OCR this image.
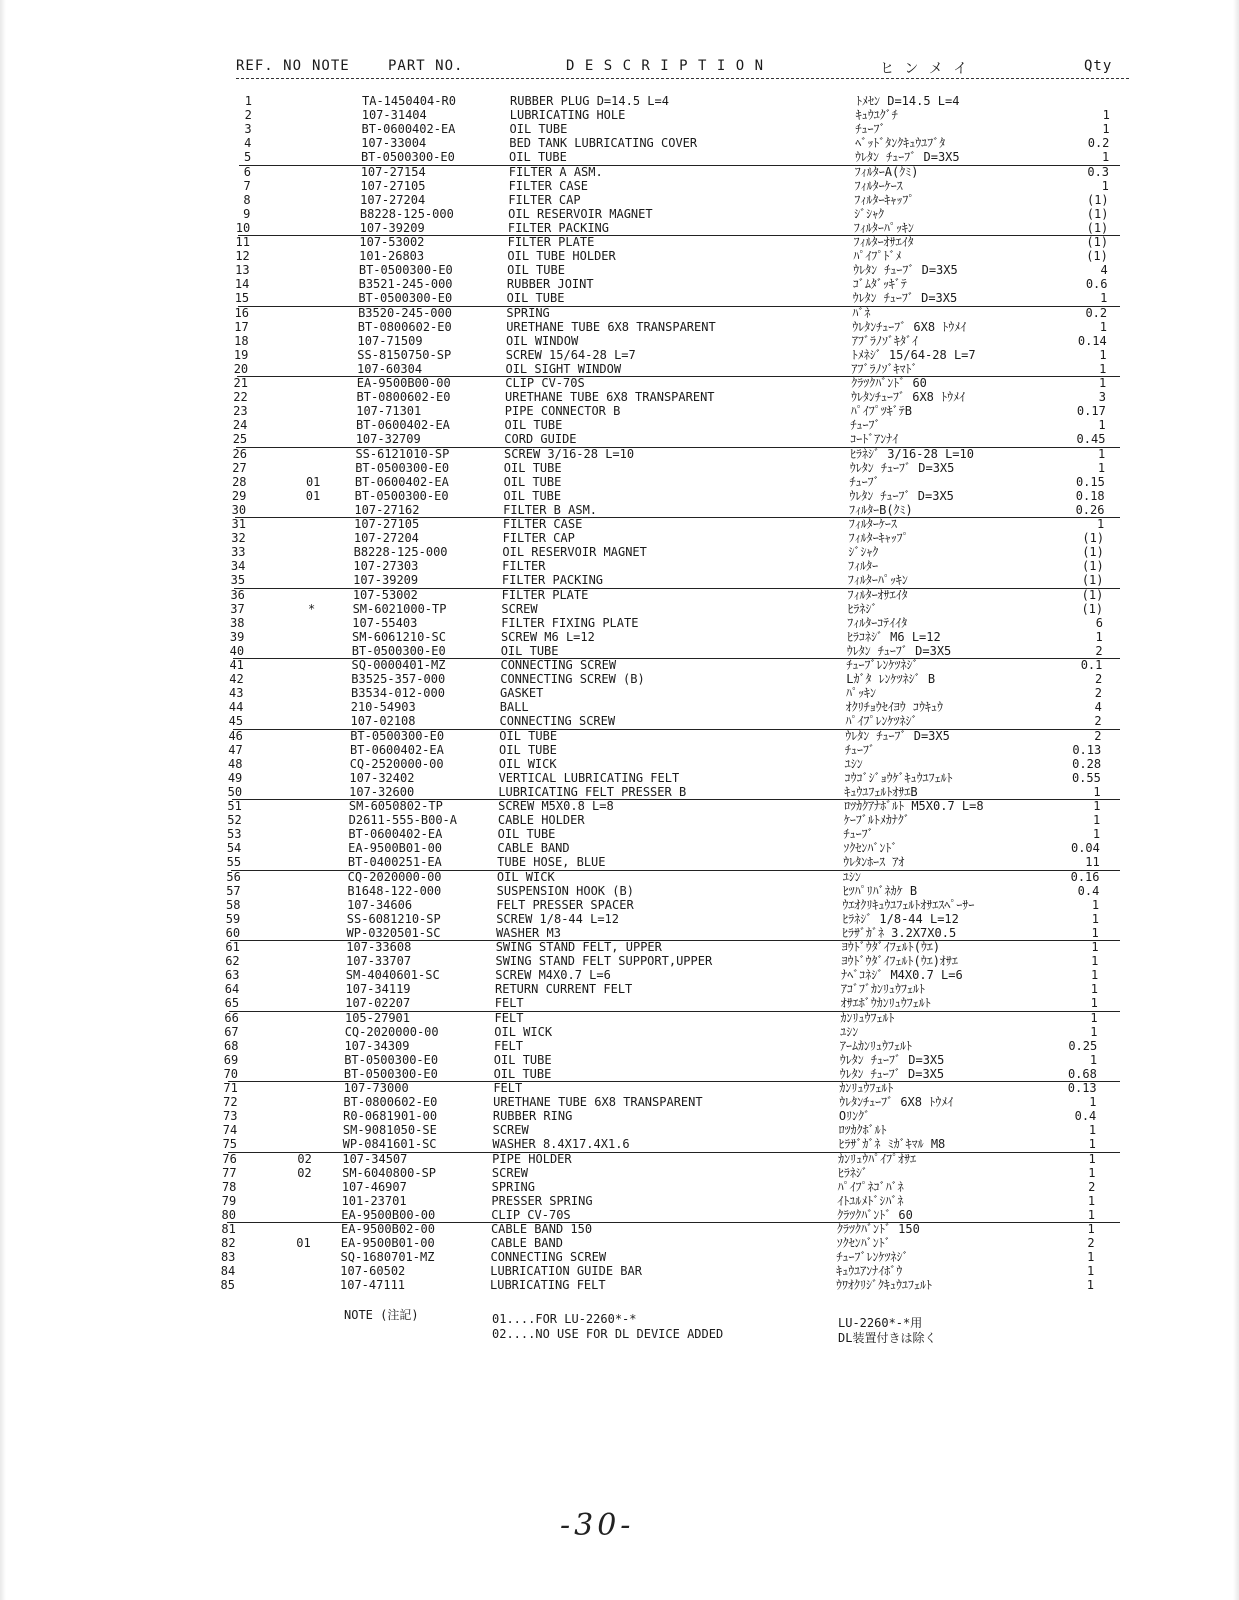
REF. NO NOTE	PART NO.	D E S C R I P T I O N	ヒ ン メ イ	Qty
1	TA-1450404-R0	RUBBER PLUG D=14.5 L=4	ﾄﾒｾﾝ D=14.5 L=4
2	107-31404	LUBRICATING HOLE	ｷｭｳﾕｸﾞﾁ	1
3	BT-0600402-EA	OIL TUBE	ﾁｭｰﾌﾞ	1
4	107-33004	BED TANK LUBRICATING COVER	ﾍﾞｯﾄﾞﾀﾝｸｷｭｳﾕﾌﾞﾀ	0.2
5	BT-0500300-E0	OIL TUBE	ｳﾚﾀﾝ ﾁｭｰﾌﾞ D=3X5	1
6	107-27154	FILTER A ASM.	ﾌｨﾙﾀｰA(ｸﾐ)	0.3
7	107-27105	FILTER CASE	ﾌｨﾙﾀｰｹｰｽ	1
8	107-27204	FILTER CAP	ﾌｨﾙﾀｰｷｬｯﾌﾟ	(1)
9	B8228-125-000	OIL RESERVOIR MAGNET	ｼﾞｼｬｸ	(1)
10	107-39209	FILTER PACKING	ﾌｨﾙﾀｰﾊﾟｯｷﾝ	(1)
11	107-53002	FILTER PLATE	ﾌｨﾙﾀｰｵｻｴｲﾀ	(1)
12	101-26803	OIL TUBE HOLDER	ﾊﾟｲﾌﾟﾄﾞﾒ	(1)
13	BT-0500300-E0	OIL TUBE	ｳﾚﾀﾝ ﾁｭｰﾌﾞ D=3X5	4
14	B3521-245-000	RUBBER JOINT	ｺﾞﾑﾀﾞｯｷﾞﾃ	0.6
15	BT-0500300-E0	OIL TUBE	ｳﾚﾀﾝ ﾁｭｰﾌﾞ D=3X5	1
16	B3520-245-000	SPRING	ﾊﾞﾈ	0.2
17	BT-0800602-E0	URETHANE TUBE 6X8 TRANSPARENT	ｳﾚﾀﾝﾁｭｰﾌﾞ 6X8 ﾄｳﾒｲ	1
18	107-71509	OIL WINDOW	ｱﾌﾞﾗﾉｿﾞｷﾀﾞｲ	0.14
19	SS-8150750-SP	SCREW 15/64-28 L=7	ﾄﾒﾈｼﾞ 15/64-28 L=7	1
20	107-60304	OIL SIGHT WINDOW	ｱﾌﾞﾗﾉｿﾞｷﾏﾄﾞ	1
21	EA-9500B00-00	CLIP CV-70S	ｸﾗﾂｸﾊﾞﾝﾄﾞ 60	1
22	BT-0800602-E0	URETHANE TUBE 6X8 TRANSPARENT	ｳﾚﾀﾝﾁｭｰﾌﾞ 6X8 ﾄｳﾒｲ	3
23	107-71301	PIPE CONNECTOR B	ﾊﾟｲﾌﾟﾂｷﾞﾃB	0.17
24	BT-0600402-EA	OIL TUBE	ﾁｭｰﾌﾞ	1
25	107-32709	CORD GUIDE	ｺｰﾄﾞｱﾝﾅｲ	0.45
26	SS-6121010-SP	SCREW 3/16-28 L=10	ﾋﾗﾈｼﾞ 3/16-28 L=10	1
27	BT-0500300-E0	OIL TUBE	ｳﾚﾀﾝ ﾁｭｰﾌﾞ D=3X5	1
28	01	BT-0600402-EA	OIL TUBE	ﾁｭｰﾌﾞ	0.15
29	01	BT-0500300-E0	OIL TUBE	ｳﾚﾀﾝ ﾁｭｰﾌﾞ D=3X5	0.18
30	107-27162	FILTER B ASM.	ﾌｨﾙﾀｰB(ｸﾐ)	0.26
31	107-27105	FILTER CASE	ﾌｨﾙﾀｰｹｰｽ	1
32	107-27204	FILTER CAP	ﾌｨﾙﾀｰｷｬｯﾌﾟ	(1)
33	B8228-125-000	OIL RESERVOIR MAGNET	ｼﾞｼｬｸ	(1)
34	107-27303	FILTER	ﾌｨﾙﾀｰ	(1)
35	107-39209	FILTER PACKING	ﾌｨﾙﾀｰﾊﾟｯｷﾝ	(1)
36	107-53002	FILTER PLATE	ﾌｨﾙﾀｰｵｻｴｲﾀ	(1)
37	*	SM-6021000-TP	SCREW	ﾋﾗﾈｼﾞ	(1)
38	107-55403	FILTER FIXING PLATE	ﾌｨﾙﾀｰｺﾃｲｲﾀ	6
39	SM-6061210-SC	SCREW M6 L=12	ﾋﾗｺﾈｼﾞ M6 L=12	1
40	BT-0500300-E0	OIL TUBE	ｳﾚﾀﾝ ﾁｭｰﾌﾞ D=3X5	2
41	SQ-0000401-MZ	CONNECTING SCREW	ﾁｭｰﾌﾞﾚﾝｹﾂﾈｼﾞ	0.1
42	B3525-357-000	CONNECTING SCREW (B)	Lｶﾞﾀ ﾚﾝｹﾂﾈｼﾞ B	2
43	B3534-012-000	GASKET	ﾊﾟｯｷﾝ	2
44	210-54903	BALL	ｵｸﾘﾁｮｳｾｲﾖｳ ｺｳｷｭｳ	4
45	107-02108	CONNECTING SCREW	ﾊﾟｲﾌﾟﾚﾝｹﾂﾈｼﾞ	2
46	BT-0500300-E0	OIL TUBE	ｳﾚﾀﾝ ﾁｭｰﾌﾞ D=3X5	2
47	BT-0600402-EA	OIL TUBE	ﾁｭｰﾌﾞ	0.13
48	CQ-2520000-00	OIL WICK	ﾕｼﾝ	0.28
49	107-32402	VERTICAL LUBRICATING FELT	ｺｳｺﾞｼﾞｮｳｹﾞｷｭｳﾕﾌｪﾙﾄ	0.55
50	107-32600	LUBRICATING FELT PRESSER B	ｷｭｳﾕﾌｪﾙﾄｵｻｴB	1
51	SM-6050802-TP	SCREW M5X0.8 L=8	ﾛﾂｶｸｱﾅﾎﾞﾙﾄ M5X0.7 L=8	1
52	D2611-555-B00-A	CABLE HOLDER	ｹｰﾌﾞﾙﾄﾒｶﾅｸﾞ	1
53	BT-0600402-EA	OIL TUBE	ﾁｭｰﾌﾞ	1
54	EA-9500B01-00	CABLE BAND	ｿｸｾﾝﾊﾞﾝﾄﾞ	0.04
55	BT-0400251-EA	TUBE HOSE, BLUE	ｳﾚﾀﾝﾎｰｽ ｱｵ	11
56	CQ-2020000-00	OIL WICK	ﾕｼﾝ	0.16
57	B1648-122-000	SUSPENSION HOOK (B)	ﾋﾂﾊﾟﾘﾊﾞﾈｶｹ B	0.4
58	107-34606	FELT PRESSER SPACER	ｳｴｵｸﾘｷｭｳﾕﾌｪﾙﾄｵｻｴｽﾍﾟｰｻｰ	1
59	SS-6081210-SP	SCREW 1/8-44 L=12	ﾋﾗﾈｼﾞ 1/8-44 L=12	1
60	WP-0320501-SC	WASHER M3	ﾋﾗｻﾞｶﾞﾈ 3.2X7X0.5	1
61	107-33608	SWING STAND FELT, UPPER	ﾖｳﾄﾞｳﾀﾞｲﾌｪﾙﾄ(ｳｴ)	1
62	107-33707	SWING STAND FELT SUPPORT,UPPER	ﾖｳﾄﾞｳﾀﾞｲﾌｪﾙﾄ(ｳｴ)ｵｻｴ	1
63	SM-4040601-SC	SCREW M4X0.7 L=6	ﾅﾍﾞｺﾈｼﾞ M4X0.7 L=6	1
64	107-34119	RETURN CURRENT FELT	ｱｺﾞﾌﾞｶﾝﾘｭｳﾌｪﾙﾄ	1
65	107-02207	FELT	ｵｻｴﾎﾞｳｶﾝﾘｭｳﾌｪﾙﾄ	1
66	105-27901	FELT	ｶﾝﾘｭｳﾌｪﾙﾄ	1
67	CQ-2020000-00	OIL WICK	ﾕｼﾝ	1
68	107-34309	FELT	ｱｰﾑｶﾝﾘｭｳﾌｪﾙﾄ	0.25
69	BT-0500300-E0	OIL TUBE	ｳﾚﾀﾝ ﾁｭｰﾌﾞ D=3X5	1
70	BT-0500300-E0	OIL TUBE	ｳﾚﾀﾝ ﾁｭｰﾌﾞ D=3X5	0.68
71	107-73000	FELT	ｶﾝﾘｭｳﾌｪﾙﾄ	0.13
72	BT-0800602-E0	URETHANE TUBE 6X8 TRANSPARENT	ｳﾚﾀﾝﾁｭｰﾌﾞ 6X8 ﾄｳﾒｲ	1
73	R0-0681901-00	RUBBER RING	Oﾘﾝｸﾞ	0.4
74	SM-9081050-SE	SCREW	ﾛﾂｶｸﾎﾞﾙﾄ	1
75	WP-0841601-SC	WASHER 8.4X17.4X1.6	ﾋﾗｻﾞｶﾞﾈ ﾐｶﾞｷﾏﾙ M8	1
76	02	107-34507	PIPE HOLDER	ｶﾝﾘｭｳﾊﾟｲﾌﾟｵｻｴ	1
77	02	SM-6040800-SP	SCREW	ﾋﾗﾈｼﾞ	1
78	107-46907	SPRING	ﾊﾟｲﾌﾟﾈｺﾞﾊﾞﾈ	2
79	101-23701	PRESSER SPRING	ｲﾄﾕﾙﾒﾄﾞｼﾊﾞﾈ	1
80	EA-9500B00-00	CLIP CV-70S	ｸﾗﾂｸﾊﾞﾝﾄﾞ 60	1
81	EA-9500B02-00	CABLE BAND 150	ｸﾗﾂｸﾊﾞﾝﾄﾞ 150	1
82	01	EA-9500B01-00	CABLE BAND	ｿｸｾﾝﾊﾞﾝﾄﾞ	2
83	SQ-1680701-MZ	CONNECTING SCREW	ﾁｭｰﾌﾞﾚﾝｹﾂﾈｼﾞ	1
84	107-60502	LUBRICATION GUIDE BAR	ｷｭｳﾕｱﾝﾅｲﾎﾞｳ	1
85	107-47111	LUBRICATING FELT	ｳﾜｵｸﾘｼﾞｸｷｭｳﾕﾌｪﾙﾄ	1
NOTE (注記)	01....FOR LU-2260*-*
02....NO USE FOR DL DEVICE ADDED
LU-2260*-*用
DL装置付きは除く
-30-
